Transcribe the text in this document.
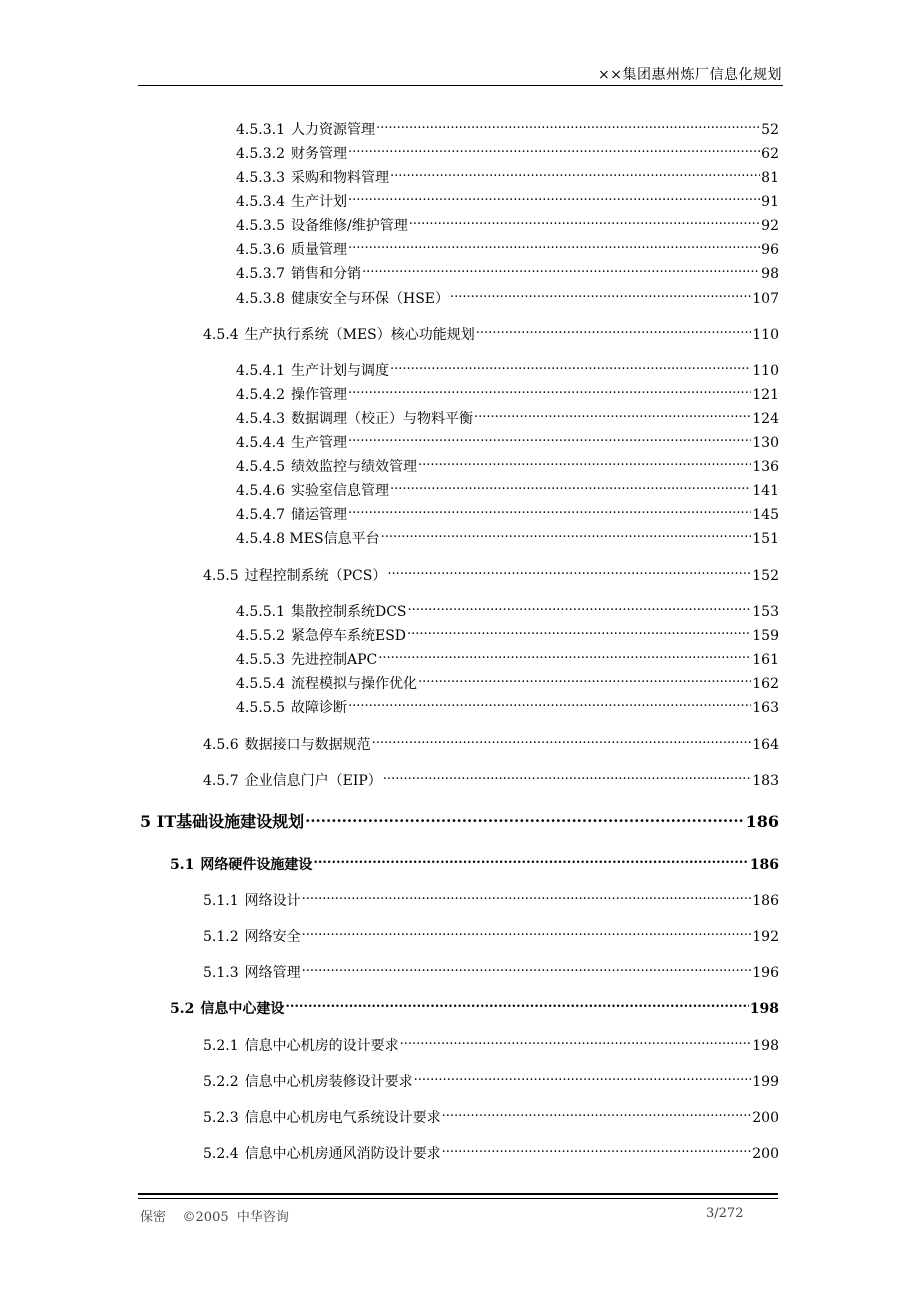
××集团惠州炼厂信息化规划
4.5.3.1 人力资源管理 .....	52
4.5.3.2 财务管理 .....	62
4.5.3.3 采购和物料管理 .....	81
4.5.3.4 生产计划 .....	91
4.5.3.5 设备维修/维护管理 .....	92
4.5.3.6 质量管理 .....	96
4.5.3.7 销售和分销 .....	98
4.5.3.8 健康安全与环保（HSE） .....	107
4.5.4 生产执行系统（MES）核心功能规划 .....	110
4.5.4.1 生产计划与调度 .....	110
4.5.4.2 操作管理 .....	121
4.5.4.3 数据调理（校正）与物料平衡 .....	124
4.5.4.4 生产管理 .....	130
4.5.4.5 绩效监控与绩效管理 .....	136
4.5.4.6 实验室信息管理 .....	141
4.5.4.7 储运管理 .....	145
4.5.4.8 MES信息平台 .....	151
4.5.5 过程控制系统（PCS） .....	152
4.5.5.1 集散控制系统DCS .....	153
4.5.5.2 紧急停车系统ESD .....	159
4.5.5.3 先进控制APC .....	161
4.5.5.4 流程模拟与操作优化 .....	162
4.5.5.5 故障诊断 .....	163
4.5.6 数据接口与数据规范 .....	164
4.5.7 企业信息门户（EIP） .....	183
5 IT基础设施建设规划 .....	186
5.1 网络硬件设施建设 .....	186
5.1.1 网络设计 .....	186
5.1.2 网络安全 .....	192
5.1.3 网络管理 .....	196
5.2 信息中心建设 .....	198
5.2.1 信息中心机房的设计要求 .....	198
5.2.2 信息中心机房装修设计要求 .....	199
5.2.3 信息中心机房电气系统设计要求 .....	200
5.2.4 信息中心机房通风消防设计要求 .....	200
保密    ©2005  中华咨询	3/272
